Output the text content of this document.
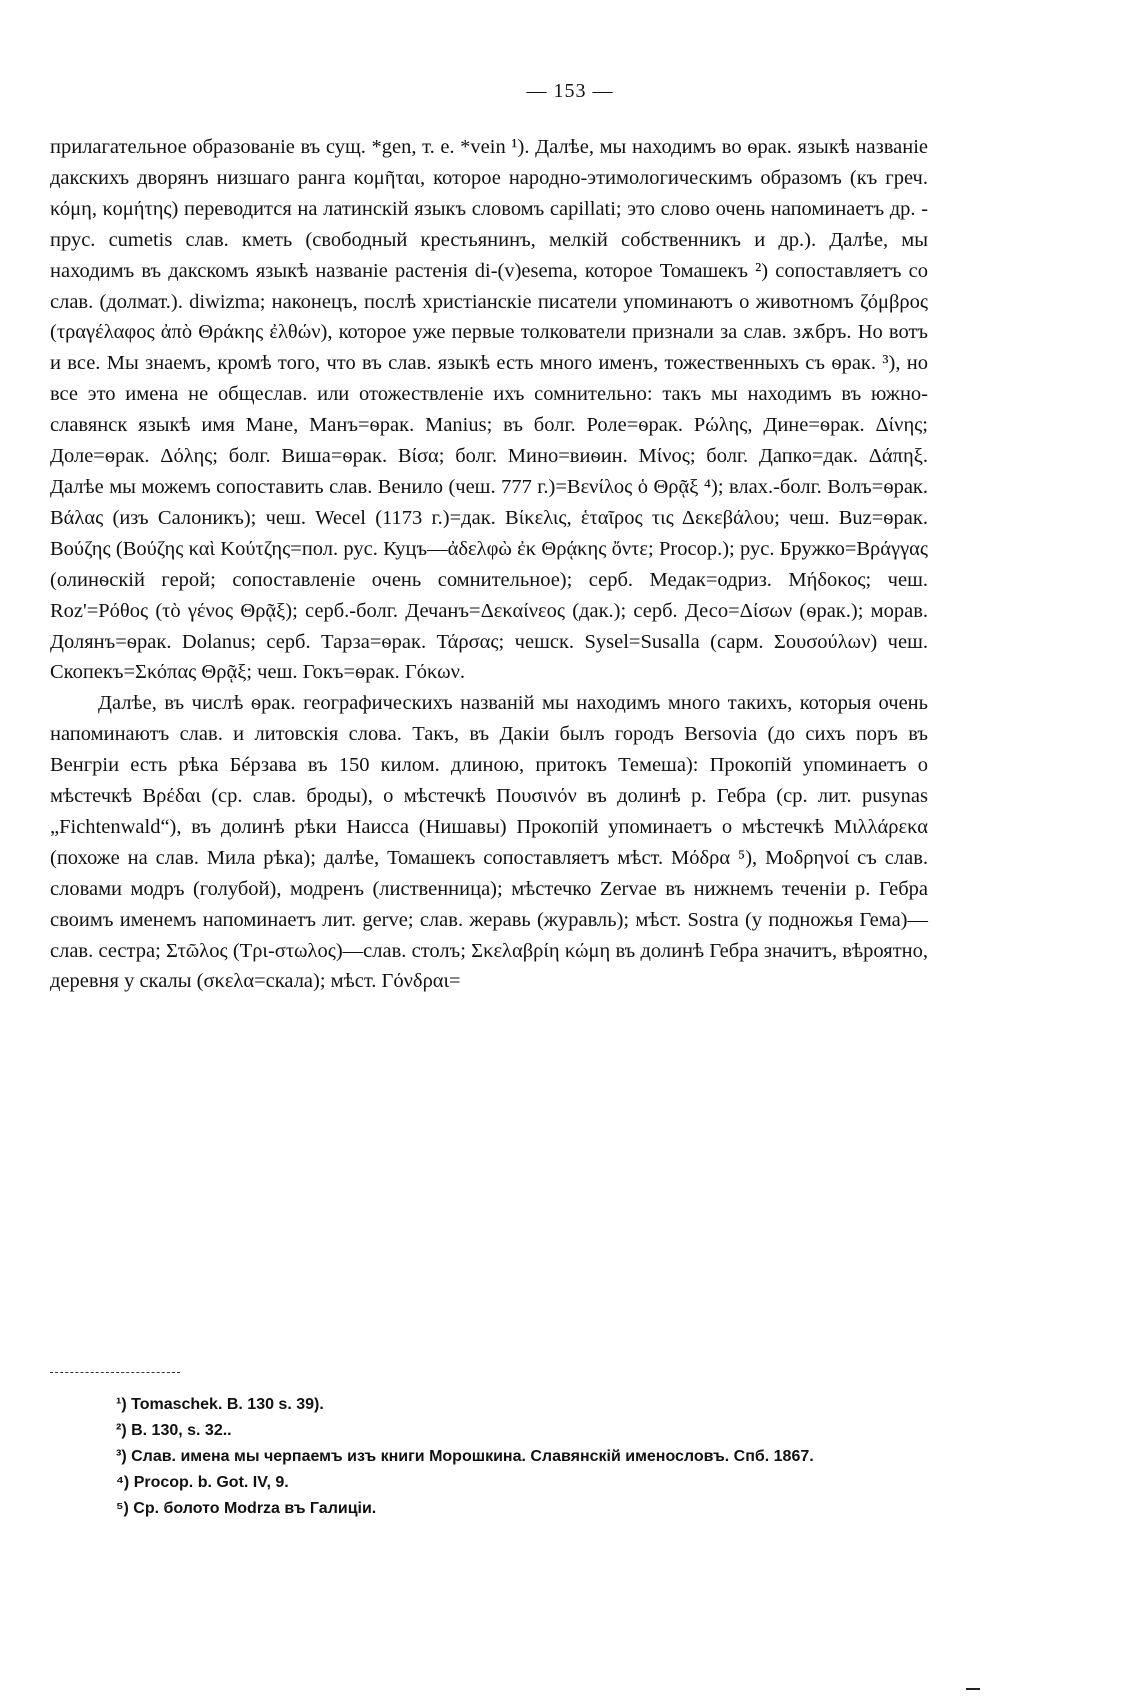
— 153 —

прилагательное образованіе въ сущ. *gen, т. е. *vein ¹). Далѣе, мы находимъ во ѳрак. языкѣ названіе дакскихъ дворянъ низшаго ранга κομῆται, которое народно-этимологическимъ образомъ (къ греч. κόμη, κομήτης) переводится на латинскій языкъ словомъ capillati; это слово очень напоминаетъ др. - прус. cumetis слав. кметь (свободный крестьянинъ, мелкій собственникъ и др.). Далѣе, мы находимъ въ дакскомъ языкѣ названіе растенія di-(v)esema, которое Томашекъ ²) сопоставляетъ со слав. (долмат.). diwizma; наконецъ, послѣ христіанскіе писатели упоминаютъ о животномъ ζόμβρος (τραγέλαφος ἀπὸ Θράκης ἐλθών), которое уже первые толкователи признали за слав. зѫбръ. Но вотъ и все. Мы знаемъ, кромѣ того, что въ слав. языкѣ есть много именъ, тожественныхъ съ ѳрак. ³), но все это имена не общеслав. или отожествленіе ихъ сомнительно: такъ мы находимъ въ южно-славянск языкѣ имя Мане, Манъ=ѳрак. Manius; въ болг. Роле=ѳрак. Ρώλης, Дине=ѳрак. Δίνης; Доле=ѳрак. Δόλης; болг. Виша=ѳрак. Βίσα; болг. Мино=виѳин. Μίνος; болг. Дапко=дак. Δάπηξ. Далѣе мы можемъ сопоставить слав. Венило (чеш. 777 г.)=Βενίλος ὁ Θρᾷξ ⁴); влах.-болг. Волъ=ѳрак. Βάλας (изъ Салоникъ); чеш. Wecel (1173 г.)=дак. Βίκελις, ἑταῖρος τις Δεκεβάλου; чеш. Buz=ѳрак. Βούζης (Βούζης καὶ Κούτζης=пол. рус. Куцъ—ἀδελφὼ ἐκ Θρᾴκης ὄντε; Procop.); рус. Бружко=Βράγγας (олинѳскій герой; сопоставленіе очень сомнительное); серб. Медак=одриз. Μήδοκος; чеш. Roz'=Ρόθος (τὸ γένος Θρᾷξ); серб.-болг. Дечанъ=Δεκαίνεος (дак.); серб. Десо=Δίσων (ѳрак.); морав. Долянъ=ѳрак. Dolanus; серб. Тарза=ѳрак. Τάρσας; чешск. Sysel=Susalla (сарм. Σουσούλων) чеш. Скопекъ=Σκόπας Θρᾷξ; чеш. Гокъ=ѳрак. Γόκων.

Далѣе, въ числѣ ѳрак. географическихъ названій мы находимъ много такихъ, которыя очень напоминаютъ слав. и литовскія слова. Такъ, въ Дакіи былъ городъ Bersovia (до сихъ поръ въ Венгріи есть рѣка Бéрзава въ 150 килом. длиною, притокъ Темеша): Прокопій упоминаетъ о мѣстечкѣ Βρέδαι (ср. слав. броды), о мѣстечкѣ Πουσινόν въ долинѣ р. Гебра (ср. лит. pusynas „Fichtenwald“), въ долинѣ рѣки Наисса (Нишавы) Прокопій упоминаетъ о мѣстечкѣ Μιλλάρεκα (похоже на слав. Мила рѣка); далѣе, Томашекъ сопоставляетъ мѣст. Μόδρα ⁵), Μοδρηνοί съ слав. словами модръ (голубой), модренъ (лиственница); мѣстечко Zervae въ нижнемъ теченіи р. Гебра своимъ именемъ напоминаетъ лит. gerve; слав. жеравь (журавль); мѣст. Sostra (у подножья Гема)—слав. сестра; Στῶλος (Τρι-στωλος)—слав. столъ; Σκελαβρίη κώμη въ долинѣ Гебра значитъ, вѣроятно, деревня у скалы (σκελα=скала); мѣст. Γόνδραι=

¹) Tomaschek. B. 130 s. 39).

²) B. 130, s. 32..

³) Слав. имена мы черпаемъ изъ книги Морошкина. Славянскій именословъ. Спб. 1867.

⁴) Procop. b. Got. IV, 9.

⁵) Ср. болото Modrza въ Галиціи.
